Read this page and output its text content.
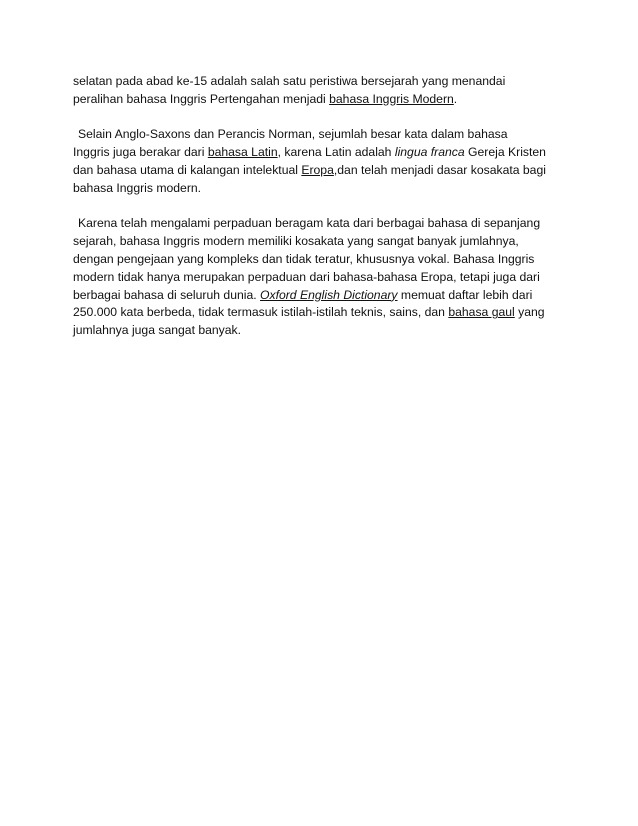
selatan pada abad ke-15 adalah salah satu peristiwa bersejarah yang menandai
peralihan bahasa Inggris Pertengahan menjadi bahasa Inggris Modern.

Selain Anglo-Saxons dan Perancis Norman, sejumlah besar kata dalam bahasa
Inggris juga berakar dari bahasa Latin, karena Latin adalah lingua franca Gereja Kristen
dan bahasa utama di kalangan intelektual Eropa,dan telah menjadi dasar kosakata bagi
bahasa Inggris modern.

Karena telah mengalami perpaduan beragam kata dari berbagai bahasa di sepanjang
sejarah, bahasa Inggris modern memiliki kosakata yang sangat banyak jumlahnya,
dengan pengejaan yang kompleks dan tidak teratur, khususnya vokal. Bahasa Inggris
modern tidak hanya merupakan perpaduan dari bahasa-bahasa Eropa, tetapi juga dari
berbagai bahasa di seluruh dunia. Oxford English Dictionary memuat daftar lebih dari
250.000 kata berbeda, tidak termasuk istilah-istilah teknis, sains, dan bahasa gaul yang
jumlahnya juga sangat banyak.
